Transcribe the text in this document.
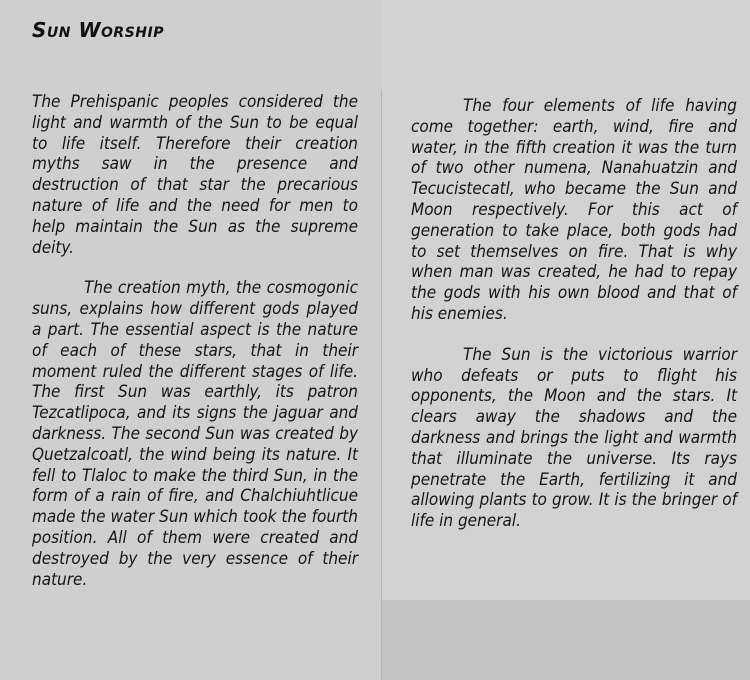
Sun Worship

The Prehispanic peoples considered the light and warmth of the Sun to be equal to life itself. Therefore their creation myths saw in the presence and destruction of that star the precarious nature of life and the need for men to help maintain the Sun as the supreme deity.

The creation myth, the cosmogonic suns, explains how different gods played a part. The essential aspect is the nature of each of these stars, that in their moment ruled the different stages of life. The first Sun was earthly, its patron Tezcatlipoca, and its signs the jaguar and darkness. The second Sun was created by Quetzalcoatl, the wind being its nature. It fell to Tlaloc to make the third Sun, in the form of a rain of fire, and Chalchiuhtlicue made the water Sun which took the fourth position. All of them were created and destroyed by the very essence of their nature.

The four elements of life having come together: earth, wind, fire and water, in the fifth creation it was the turn of two other numena, Nanahuatzin and Tecucistecatl, who became the Sun and Moon respectively. For this act of generation to take place, both gods had to set themselves on fire. That is why when man was created, he had to repay the gods with his own blood and that of his enemies.

The Sun is the victorious warrior who defeats or puts to flight his opponents, the Moon and the stars. It clears away the shadows and the darkness and brings the light and warmth that illuminate the universe. Its rays penetrate the Earth, fertilizing it and allowing plants to grow. It is the bringer of life in general.
